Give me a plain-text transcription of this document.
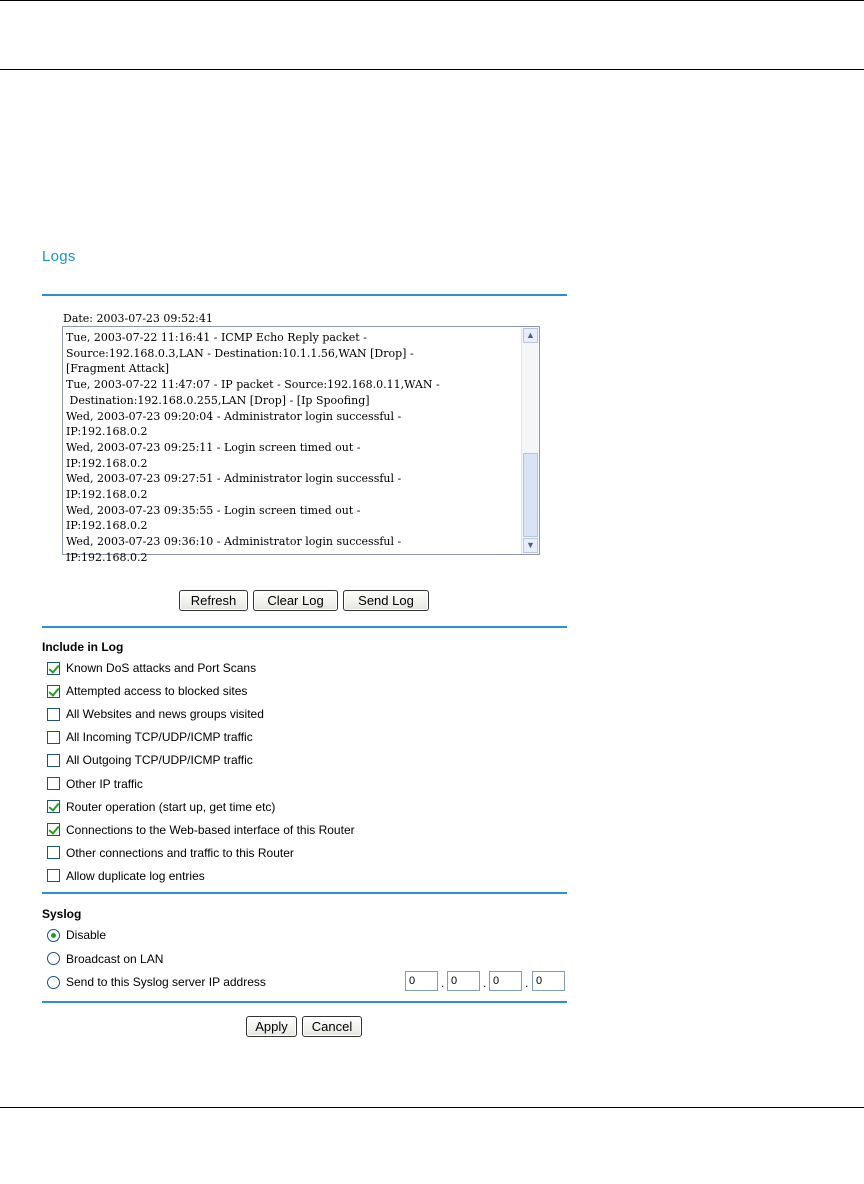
Logs
Date: 2003-07-23 09:52:41
Tue, 2003-07-22 11:16:41 - ICMP Echo Reply packet -
Source:192.168.0.3,LAN - Destination:10.1.1.56,WAN [Drop] -
[Fragment Attack]
Tue, 2003-07-22 11:47:07 - IP packet - Source:192.168.0.11,WAN -
Destination:192.168.0.255,LAN [Drop] - [Ip Spoofing]
Wed, 2003-07-23 09:20:04 - Administrator login successful -
IP:192.168.0.2
Wed, 2003-07-23 09:25:11 - Login screen timed out -
IP:192.168.0.2
Wed, 2003-07-23 09:27:51 - Administrator login successful -
IP:192.168.0.2
Wed, 2003-07-23 09:35:55 - Login screen timed out -
IP:192.168.0.2
Wed, 2003-07-23 09:36:10 - Administrator login successful -
IP:192.168.0.2
▲
▼
Refresh	Clear Log	Send Log
Include in Log
Known DoS attacks and Port Scans
Attempted access to blocked sites
All Websites and news groups visited
All Incoming TCP/UDP/ICMP traffic
All Outgoing TCP/UDP/ICMP traffic
Other IP traffic
Router operation (start up, get time etc)
Connections to the Web-based interface of this Router
Other connections and traffic to this Router
Allow duplicate log entries
Syslog
Disable
Broadcast on LAN
Send to this Syslog server IP address	0	. 0	. 0	. 0
Apply	Cancel
